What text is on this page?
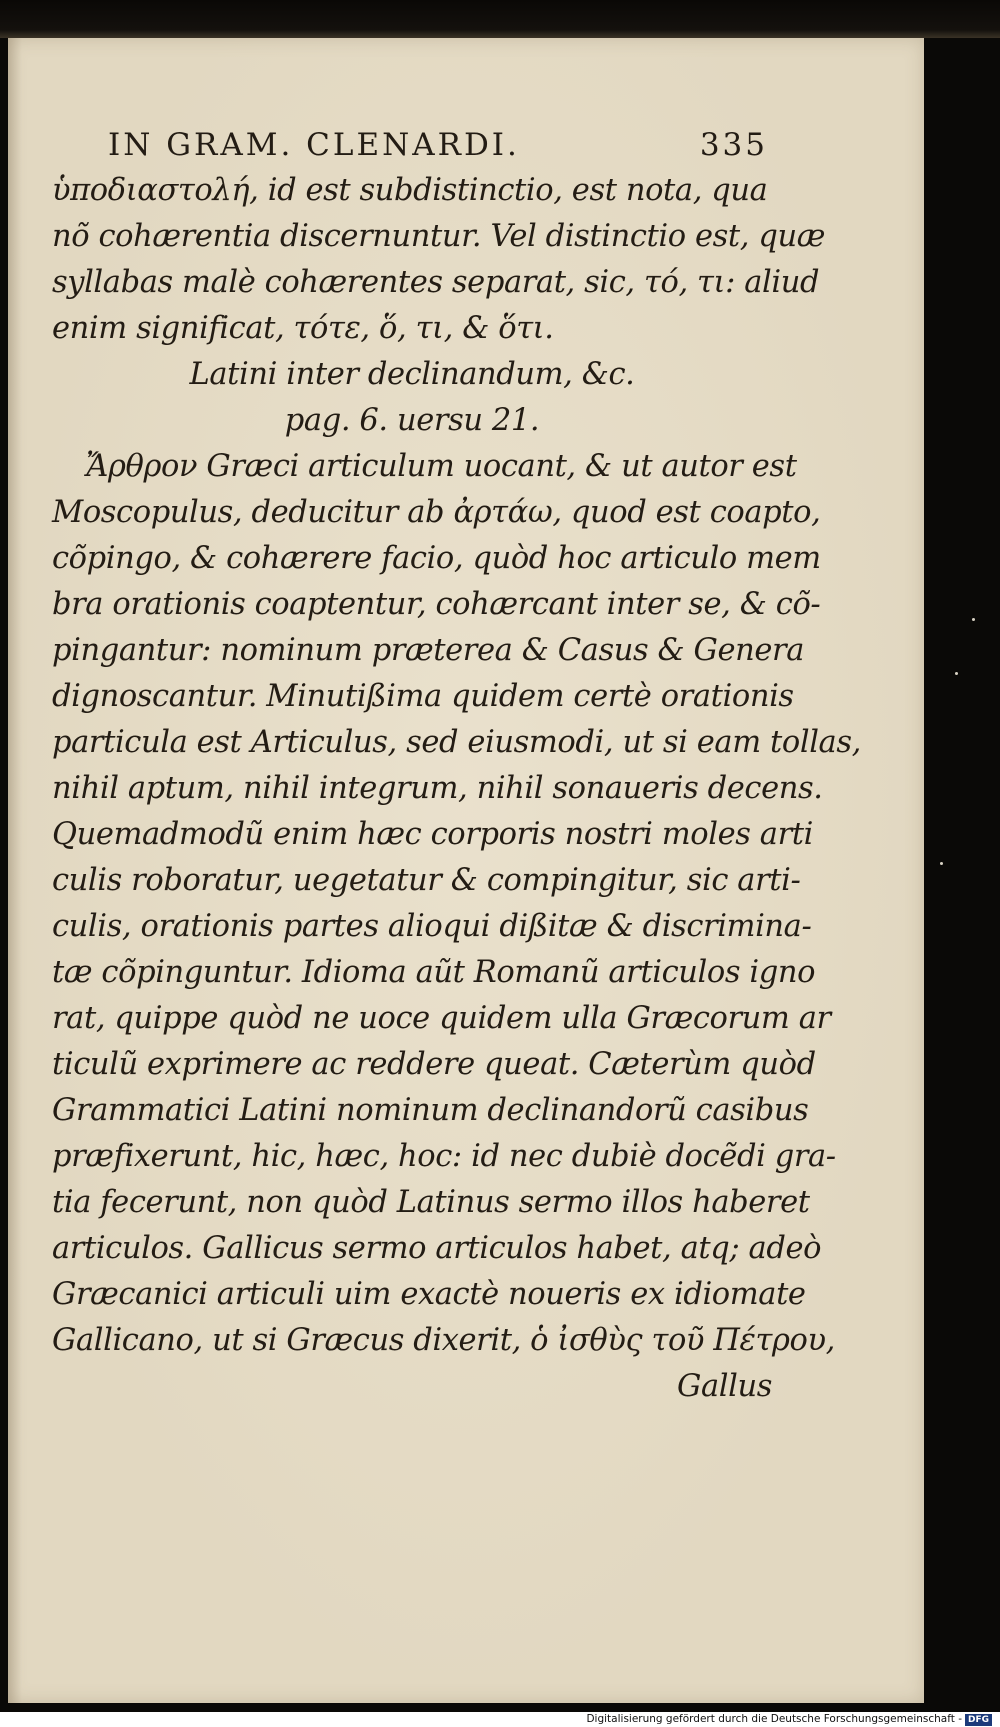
IN GRAM. CLENARDI.	335
ὑποδιαστολή, id est subdistinctio, est nota, qua
nõ cohærentia discernuntur. Vel distinctio est, quæ
syllabas malè cohærentes separat, sic, τό, τι: aliud
enim significat, τότε, ὅ, τι, & ὅτι.
Latini inter declinandum, &c.
pag. 6. uersu 21.
Ἄρθρον Græci articulum uocant, & ut autor est
Moscopulus, deducitur ab ἀρτάω, quod est coapto,
cõpingo, & cohærere facio, quòd hoc articulo mem
bra orationis coaptentur, cohærcant inter se, & cõ-
pingantur: nominum præterea & Casus & Genera
dignoscantur. Minutißima quidem certè orationis
particula est Articulus, sed eiusmodi, ut si eam tollas,
nihil aptum, nihil integrum, nihil sonaueris decens.
Quemadmodũ enim hæc corporis nostri moles arti
culis roboratur, uegetatur & compingitur, sic arti-
culis, orationis partes alioqui dißitæ & discrimina-
tæ cõpinguntur. Idioma aũt Romanũ articulos igno
rat, quippe quòd ne uoce quidem ulla Græcorum ar
ticulũ exprimere ac reddere queat. Cæterùm quòd
Grammatici Latini nominum declinandorũ casibus
præfixerunt, hic, hæc, hoc: id nec dubiè docẽdi gra-
tia fecerunt, non quòd Latinus sermo illos haberet
articulos. Gallicus sermo articulos habet, atq; adeò
Græcanici articuli uim exactè noueris ex idiomate
Gallicano, ut si Græcus dixerit, ὁ ἰσθὺς τοῦ Πέτρου,
Gallus
Digitalisierung gefördert durch die Deutsche Forschungsgemeinschaft - DFG
